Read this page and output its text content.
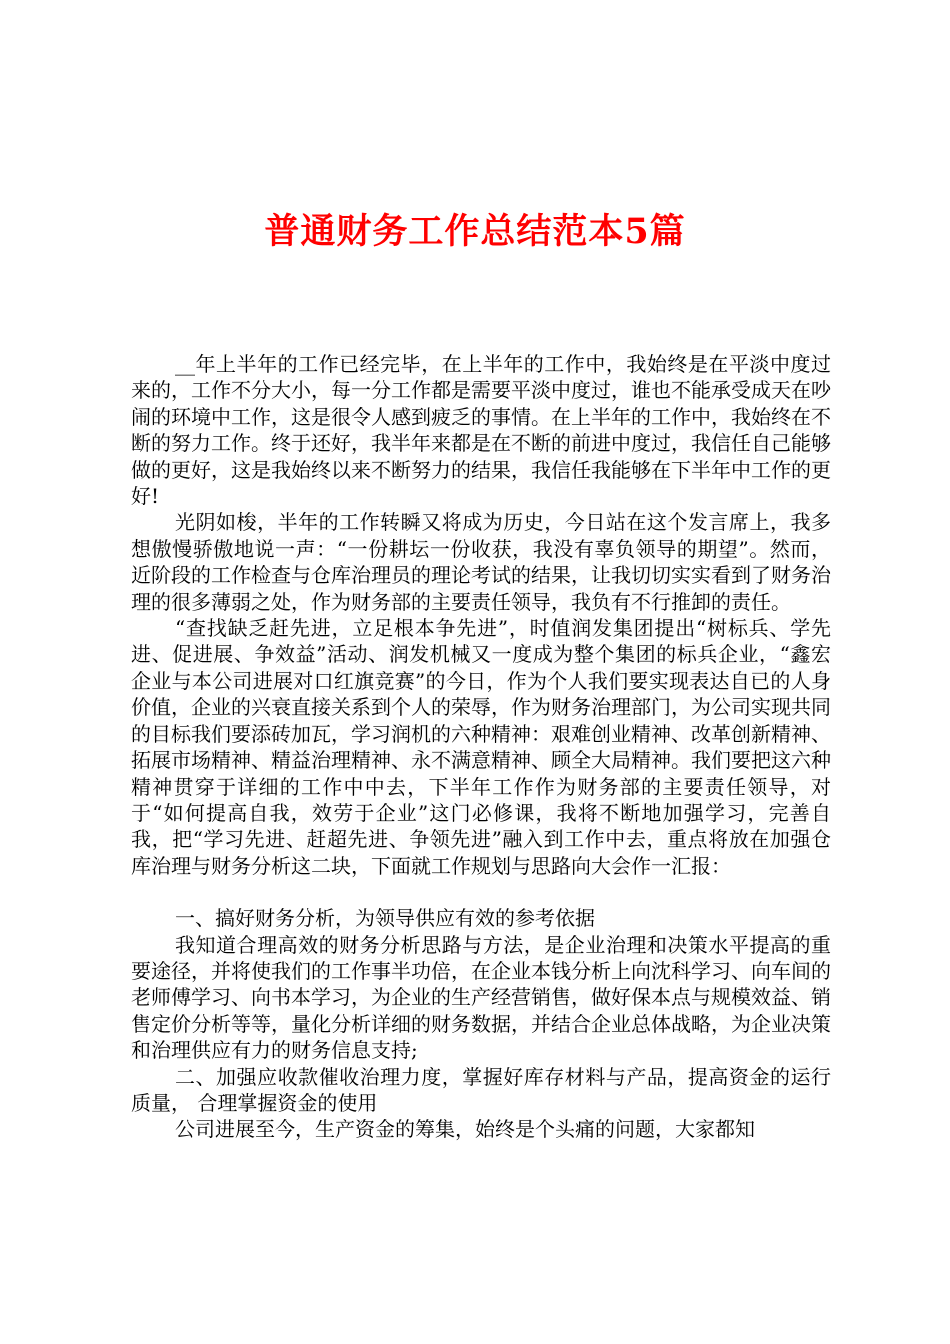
普通财务工作总结范本5篇

__年上半年的工作已经完毕，在上半年的工作中，我始终是在平淡中度过来的，工作不分大小，每一分工作都是需要平淡中度过，谁也不能承受成天在吵闹的环境中工作，这是很令人感到疲乏的事情。在上半年的工作中，我始终在不断的努力工作。终于还好，我半年来都是在不断的前进中度过，我信任自己能够做的更好，这是我始终以来不断努力的结果，我信任我能够在下半年中工作的更好!

光阴如梭，半年的工作转瞬又将成为历史，今日站在这个发言席上，我多想傲慢骄傲地说一声：“一份耕坛一份收获，我没有辜负领导的期望”。然而，近阶段的工作检查与仓库治理员的理论考试的结果，让我切切实实看到了财务治理的很多薄弱之处，作为财务部的主要责任领导，我负有不行推卸的责任。

“查找缺乏赶先进，立足根本争先进”，时值润发集团提出“树标兵、学先进、促进展、争效益”活动、润发机械又一度成为整个集团的标兵企业，“鑫宏企业与本公司进展对口红旗竞赛”的今日，作为个人我们要实现表达自已的人身价值，企业的兴衰直接关系到个人的荣辱，作为财务治理部门，为公司实现共同的目标我们要添砖加瓦，学习润机的六种精神：艰难创业精神、改革创新精神、拓展市场精神、精益治理精神、永不满意精神、顾全大局精神。我们要把这六种精神贯穿于详细的工作中中去，下半年工作作为财务部的主要责任领导，对于“如何提高自我，效劳于企业”这门必修课，我将不断地加强学习，完善自我，把“学习先进、赶超先进、争领先进”融入到工作中去，重点将放在加强仓库治理与财务分析这二块，下面就工作规划与思路向大会作一汇报：

一、搞好财务分析，为领导供应有效的参考依据

我知道合理高效的财务分析思路与方法，是企业治理和决策水平提高的重要途径，并将使我们的工作事半功倍，在企业本钱分析上向沈科学习、向车间的老师傅学习、向书本学习，为企业的生产经营销售，做好保本点与规模效益、销售定价分析等等，量化分析详细的财务数据，并结合企业总体战略，为企业决策和治理供应有力的财务信息支持;

二、加强应收款催收治理力度，掌握好库存材料与产品，提高资金的运行质量， 合理掌握资金的使用

公司进展至今，生产资金的筹集，始终是个头痛的问题，大家都知
